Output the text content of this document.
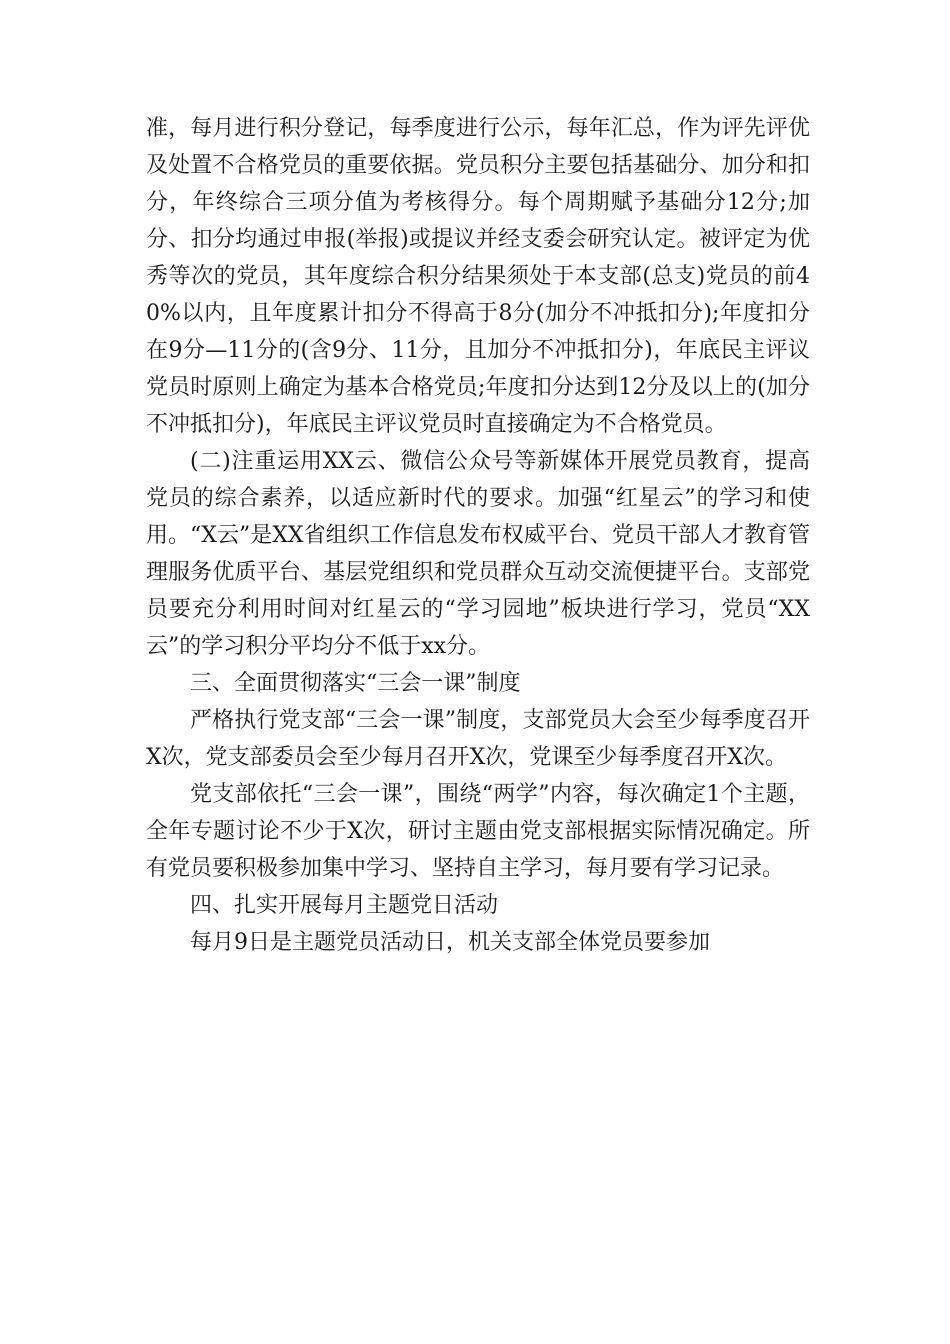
准，每月进行积分登记，每季度进行公示，每年汇总，作为评先评优及处置不合格党员的重要依据。党员积分主要包括基础分、加分和扣分，年终综合三项分值为考核得分。每个周期赋予基础分12分;加分、扣分均通过申报(举报)或提议并经支委会研究认定。被评定为优秀等次的党员，其年度综合积分结果须处于本支部(总支)党员的前40%以内，且年度累计扣分不得高于8分(加分不冲抵扣分);年度扣分在9分—11分的(含9分、11分，且加分不冲抵扣分)，年底民主评议党员时原则上确定为基本合格党员;年度扣分达到12分及以上的(加分不冲抵扣分)，年底民主评议党员时直接确定为不合格党员。

(二)注重运用XX云、微信公众号等新媒体开展党员教育，提高党员的综合素养，以适应新时代的要求。加强“红星云”的学习和使用。“X云”是XX省组织工作信息发布权威平台、党员干部人才教育管理服务优质平台、基层党组织和党员群众互动交流便捷平台。支部党员要充分利用时间对红星云的“学习园地”板块进行学习，党员“XX云”的学习积分平均分不低于xx分。

三、全面贯彻落实“三会一课”制度

严格执行党支部“三会一课”制度，支部党员大会至少每季度召开X次，党支部委员会至少每月召开X次，党课至少每季度召开X次。

党支部依托“三会一课”，围绕“两学”内容，每次确定1个主题，全年专题讨论不少于X次，研讨主题由党支部根据实际情况确定。所有党员要积极参加集中学习、坚持自主学习，每月要有学习记录。

四、扎实开展每月主题党日活动

每月9日是主题党员活动日，机关支部全体党员要参加
